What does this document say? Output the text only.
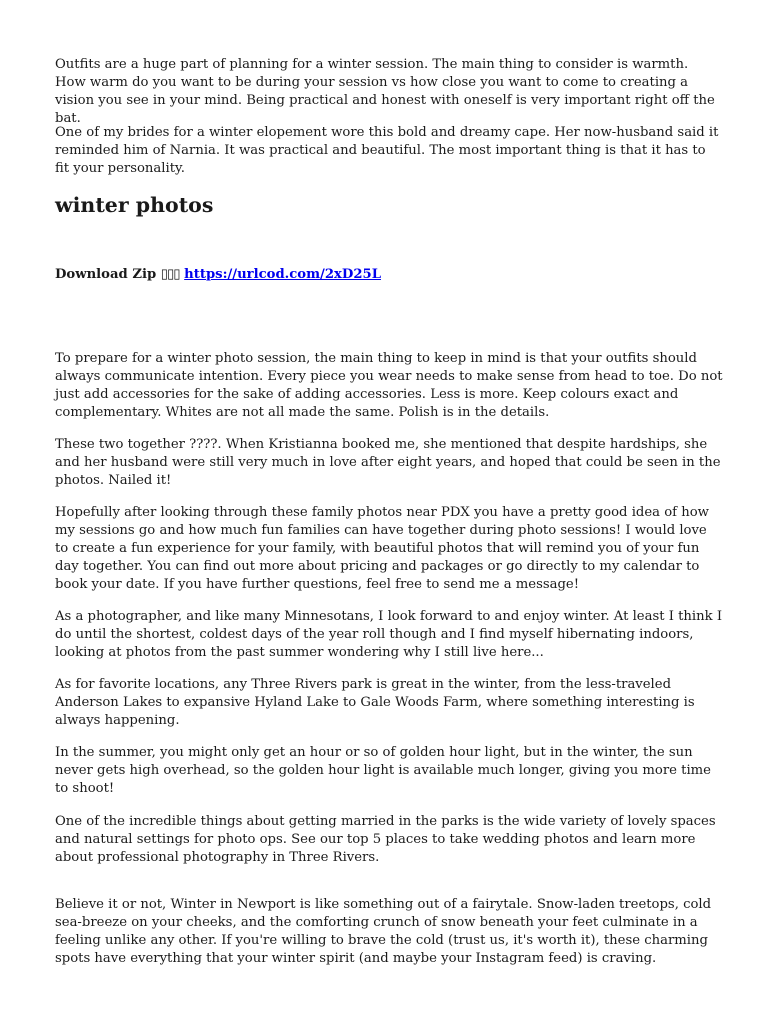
Outfits are a huge part of planning for a winter session. The main thing to consider is warmth. How warm do you want to be during your session vs how close you want to come to creating a vision you see in your mind. Being practical and honest with oneself is very important right off the bat.

One of my brides for a winter elopement wore this bold and dreamy cape. Her now-husband said it reminded him of Narnia. It was practical and beautiful. The most important thing is that it has to fit your personality.

winter photos

Download Zip ▯▯▯ https://urlcod.com/2xD25L

To prepare for a winter photo session, the main thing to keep in mind is that your outfits should always communicate intention. Every piece you wear needs to make sense from head to toe. Do not just add accessories for the sake of adding accessories. Less is more. Keep colours exact and complementary. Whites are not all made the same. Polish is in the details.

These two together ????. When Kristianna booked me, she mentioned that despite hardships, she and her husband were still very much in love after eight years, and hoped that could be seen in the photos. Nailed it!

Hopefully after looking through these family photos near PDX you have a pretty good idea of how my sessions go and how much fun families can have together during photo sessions! I would love to create a fun experience for your family, with beautiful photos that will remind you of your fun day together. You can find out more about pricing and packages or go directly to my calendar to book your date. If you have further questions, feel free to send me a message!

As a photographer, and like many Minnesotans, I look forward to and enjoy winter. At least I think I do until the shortest, coldest days of the year roll though and I find myself hibernating indoors, looking at photos from the past summer wondering why I still live here...

As for favorite locations, any Three Rivers park is great in the winter, from the less-traveled Anderson Lakes to expansive Hyland Lake to Gale Woods Farm, where something interesting is always happening.

In the summer, you might only get an hour or so of golden hour light, but in the winter, the sun never gets high overhead, so the golden hour light is available much longer, giving you more time to shoot!

One of the incredible things about getting married in the parks is the wide variety of lovely spaces and natural settings for photo ops. See our top 5 places to take wedding photos and learn more about professional photography in Three Rivers.

Believe it or not, Winter in Newport is like something out of a fairytale. Snow-laden treetops, cold sea-breeze on your cheeks, and the comforting crunch of snow beneath your feet culminate in a feeling unlike any other. If you're willing to brave the cold (trust us, it's worth it), these charming spots have everything that your winter spirit (and maybe your Instagram feed) is craving.
